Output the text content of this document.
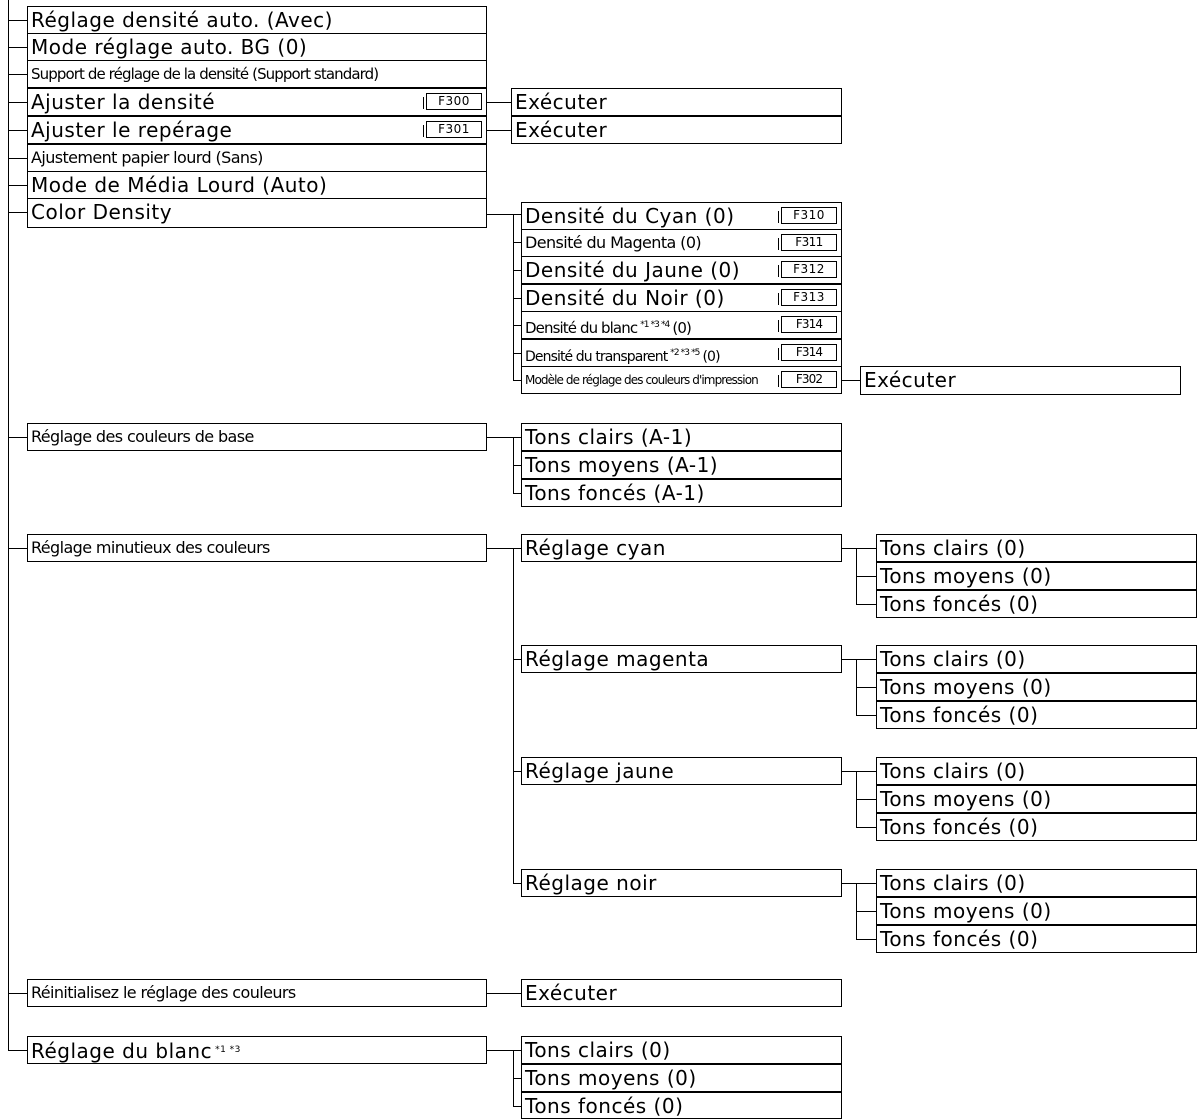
Réglage densité auto. (Avec)
Mode réglage auto. BG (0)
Support de réglage de la densité (Support standard)
Ajuster la densité	F300	Exécuter
Ajuster le repérage	F301	Exécuter
Ajustement papier lourd (Sans)
Mode de Média Lourd (Auto)
Color Density	Densité du Cyan (0)	F310
Densité du Magenta (0)	F311
Densité du Jaune (0)	F312
Densité du Noir (0)	F313
Densité du blanc $^{*1 *3 *4}$ (0)	F314
Densité du transparent $^{*2 *3 *5}$ (0)	F314
Modèle de réglage des couleurs d'impression	F302	Exécuter
Réglage des couleurs de base	Tons clairs (A-1)
Tons moyens (A-1)
Tons foncés (A-1)
Réglage minutieux des couleurs	Réglage cyan	Tons clairs (0)
Tons moyens (0)
Tons foncés (0)
Réglage magenta	Tons clairs (0)
Tons moyens (0)
Tons foncés (0)
Réglage jaune	Tons clairs (0)
Tons moyens (0)
Tons foncés (0)
Réglage noir	Tons clairs (0)
Tons moyens (0)
Tons foncés (0)
Réinitialisez le réglage des couleurs	Exécuter
Réglage du blanc $^{*1 *3}$	Tons clairs (0)
Tons moyens (0)
Tons foncés (0)
